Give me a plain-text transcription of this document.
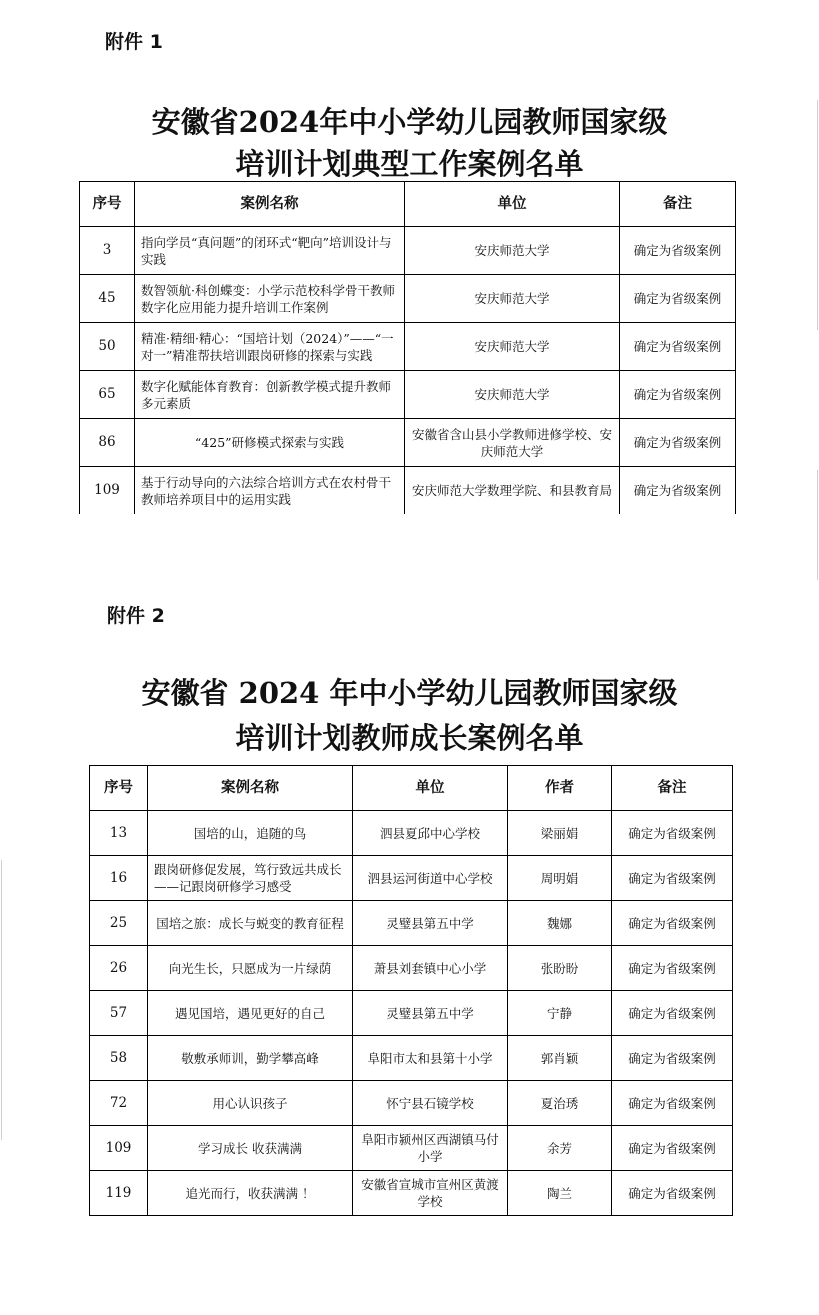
附件 1
安徽省2024年中小学幼儿园教师国家级
培训计划典型工作案例名单
序号	案例名称	单位	备注
3	指向学员“真问题”的闭环式“靶向”培训设计与实践	安庆师范大学	确定为省级案例
45	数智领航·科创蝶变：小学示范校科学骨干教师数字化应用能力提升培训工作案例	安庆师范大学	确定为省级案例
50	精准·精细·精心：“国培计划（2024）”——“一对一”精准帮扶培训跟岗研修的探索与实践	安庆师范大学	确定为省级案例
65	数字化赋能体育教育：创新教学模式提升教师多元素质	安庆师范大学	确定为省级案例
86	“425”研修模式探索与实践	安徽省含山县小学教师进修学校、安庆师范大学	确定为省级案例
109	基于行动导向的六法综合培训方式在农村骨干教师培养项目中的运用实践	安庆师范大学数理学院、和县教育局	确定为省级案例
附件 2
安徽省 2024 年中小学幼儿园教师国家级
培训计划教师成长案例名单
序号	案例名称	单位	作者	备注
13	国培的山，追随的鸟	泗县夏邱中心学校	梁丽娟	确定为省级案例
16	跟岗研修促发展，笃行致远共成长——记跟岗研修学习感受	泗县运河街道中心学校	周明娟	确定为省级案例
25	国培之旅：成长与蜕变的教育征程	灵璧县第五中学	魏娜	确定为省级案例
26	向光生长，只愿成为一片绿荫	萧县刘套镇中心小学	张盼盼	确定为省级案例
57	遇见国培，遇见更好的自己	灵璧县第五中学	宁静	确定为省级案例
58	敬敷承师训，勤学攀高峰	阜阳市太和县第十小学	郭肖颖	确定为省级案例
72	用心认识孩子	怀宁县石镜学校	夏治琇	确定为省级案例
109	学习成长 收获满满	阜阳市颍州区西湖镇马付小学	余芳	确定为省级案例
119	追光而行，收获满满 ！	安徽省宣城市宣州区黄渡学校	陶兰	确定为省级案例
